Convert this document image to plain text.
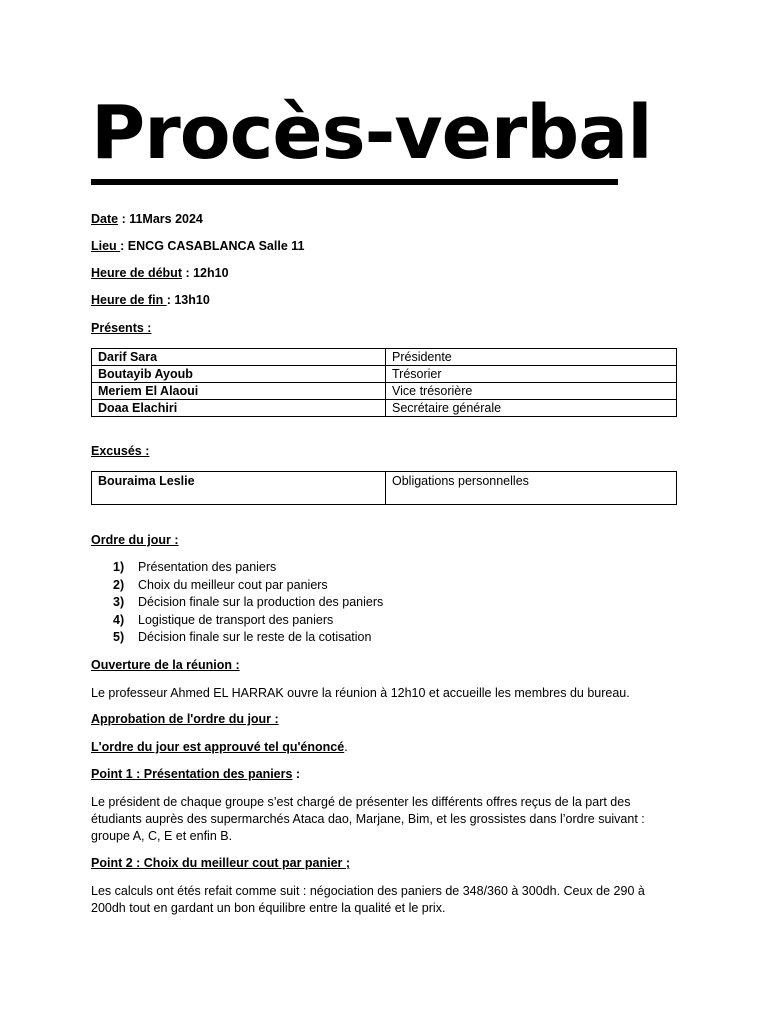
Procès-verbal
Date : 11Mars 2024
Lieu : ENCG CASABLANCA Salle 11
Heure de début : 12h10
Heure de fin : 13h10
Présents :
Darif Sara	Présidente
Boutayib Ayoub	Trésorier
Meriem El Alaoui	Vice trésorière
Doaa Elachiri	Secrétaire générale
Excusés :
Bouraima Leslie	Obligations personnelles
Ordre du jour :
1) Présentation des paniers
2) Choix du meilleur cout par paniers
3) Décision finale sur la production des paniers
4) Logistique de transport des paniers
5) Décision finale sur le reste de la cotisation
Ouverture de la réunion :
Le professeur Ahmed EL HARRAK ouvre la réunion à 12h10 et accueille les membres du bureau.
Approbation de l'ordre du jour :
L'ordre du jour est approuvé tel qu'énoncé.
Point 1 : Présentation des paniers :
Le président de chaque groupe s’est chargé de présenter les différents offres reçus de la part des étudiants auprès des supermarchés Ataca dao, Marjane, Bim, et les grossistes dans l’ordre suivant : groupe A, C, E et enfin B.
Point 2 : Choix du meilleur cout par panier ;
Les calculs ont étés refait comme suit : négociation des paniers de 348/360 à 300dh. Ceux de 290 à 200dh tout en gardant un bon équilibre entre la qualité et le prix.
